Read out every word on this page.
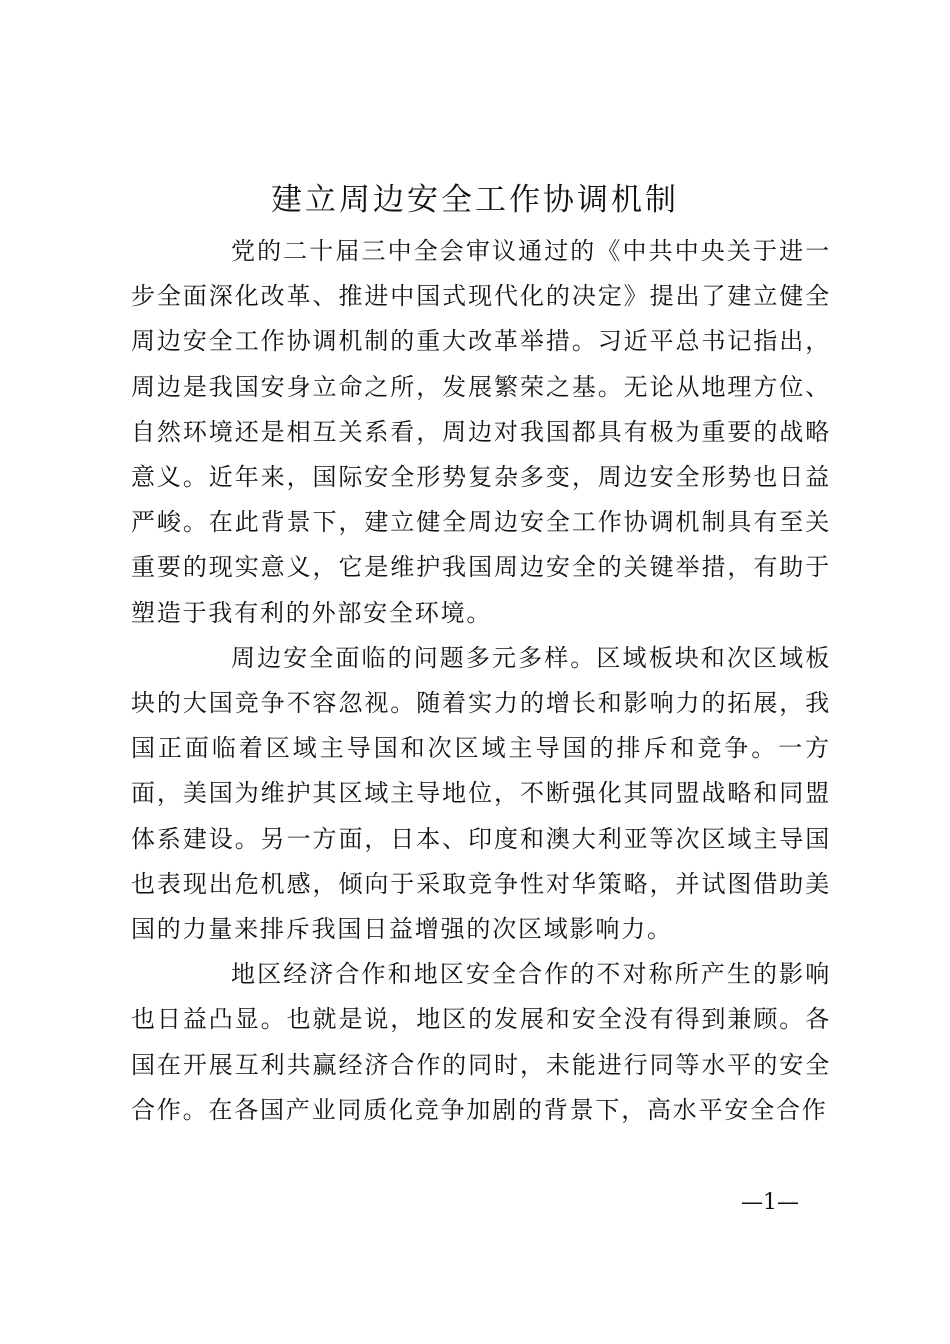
建立周边安全工作协调机制

党的二十届三中全会审议通过的《中共中央关于进一步全面深化改革、推进中国式现代化的决定》提出了建立健全周边安全工作协调机制的重大改革举措。习近平总书记指出，周边是我国安身立命之所，发展繁荣之基。无论从地理方位、自然环境还是相互关系看，周边对我国都具有极为重要的战略意义。近年来，国际安全形势复杂多变，周边安全形势也日益严峻。在此背景下，建立健全周边安全工作协调机制具有至关重要的现实意义，它是维护我国周边安全的关键举措，有助于塑造于我有利的外部安全环境。

周边安全面临的问题多元多样。区域板块和次区域板块的大国竞争不容忽视。随着实力的增长和影响力的拓展，我国正面临着区域主导国和次区域主导国的排斥和竞争。一方面，美国为维护其区域主导地位，不断强化其同盟战略和同盟体系建设。另一方面，日本、印度和澳大利亚等次区域主导国也表现出危机感，倾向于采取竞争性对华策略，并试图借助美国的力量来排斥我国日益增强的次区域影响力。

地区经济合作和地区安全合作的不对称所产生的影响也日益凸显。也就是说，地区的发展和安全没有得到兼顾。各国在开展互利共赢经济合作的同时，未能进行同等水平的安全合作。在各国产业同质化竞争加剧的背景下，高水平安全合作

—1—
